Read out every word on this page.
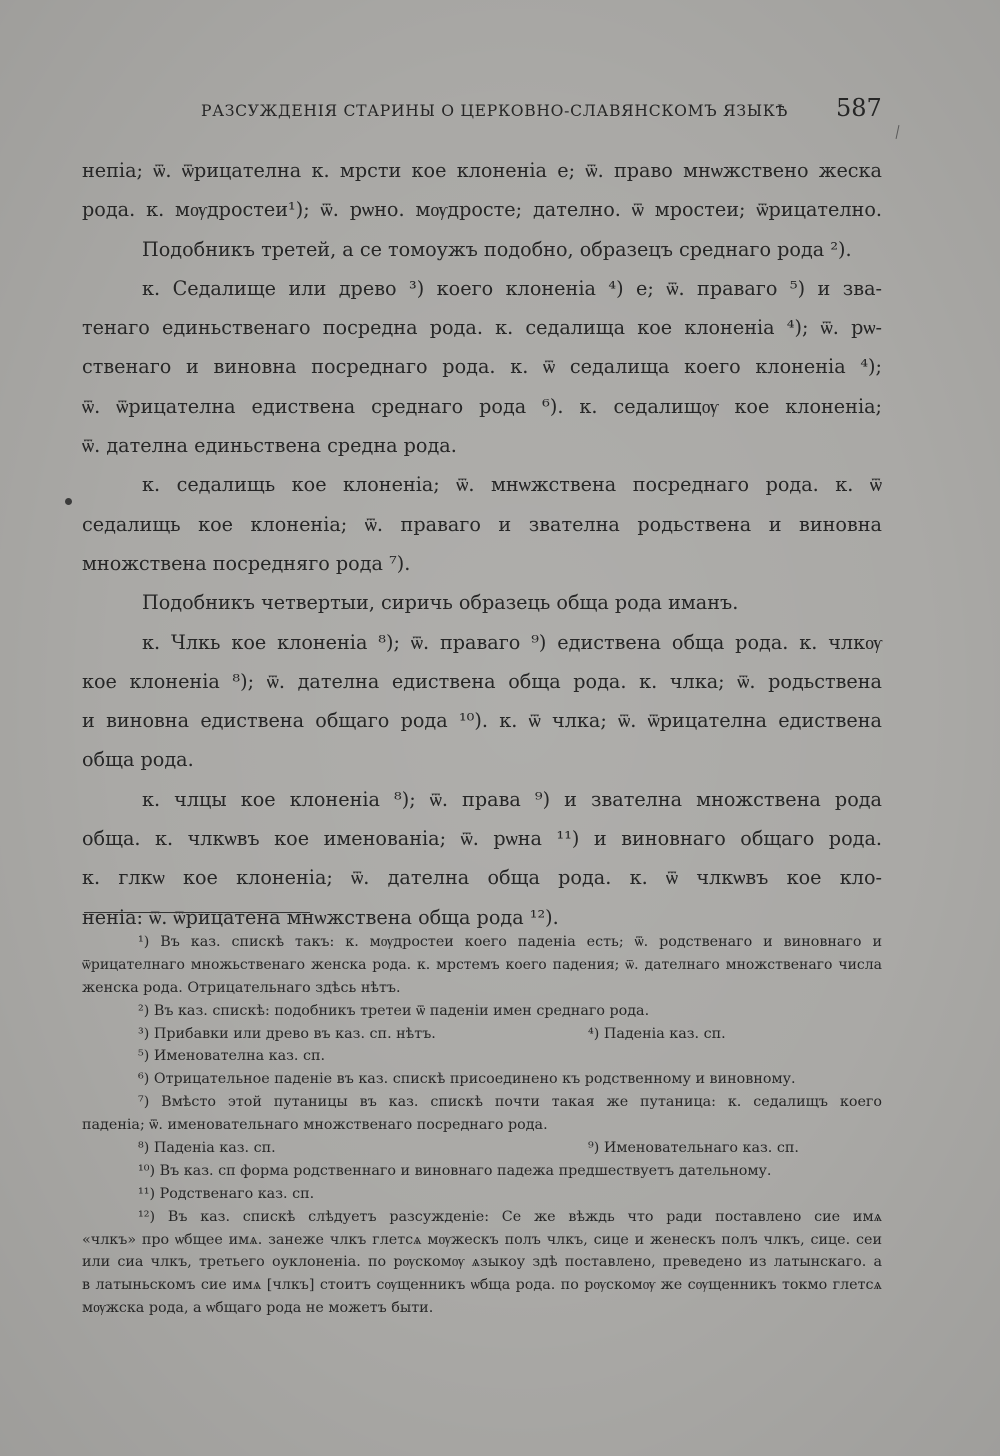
РАЗСУЖДЕНІЯ СТАРИНЫ О ЦЕРКОВНО-СЛАВЯНСКОМЪ ЯЗЫКѢ 587
непіа; ѿ. ѿрицателна к. мрсти кое клоненіа е; ѿ. право мнѡжствено жеска
рода. к. мѹдростеи¹); ѿ. рѡно. мѹдросте; дателно. ѿ мростеи; ѿрицателно.
Подобникъ третей, а се томоужъ подобно, образецъ среднаго рода ²).
к. Седалище или древо ³) коего клоненіа ⁴) е; ѿ. праваго ⁵) и зва-
тенаго единьственаго посредна рода. к. седалища кое клоненіа ⁴); ѿ. рѡ-
ственаго и виновна посреднаго рода. к. ѿ седалища коего клоненіа ⁴);
ѿ. ѿрицателна едиствена среднаго рода ⁶). к. седалищѹ кое клоненіа;
ѿ. дателна единьствена средна рода.
к. седалищь кое клоненіа; ѿ. мнѡжствена посреднаго рода. к. ѿ
седалищь кое клоненіа; ѿ. праваго и звателна родьствена и виновна
множствена посредняго рода ⁷).
Подобникъ четвертыи, сиричь образець обща рода иманъ.
к. Члкь кое клоненіа ⁸); ѿ. праваго ⁹) едиствена обща рода. к. члкѹ
кое клоненіа ⁸); ѿ. дателна едиствена обща рода. к. члка; ѿ. родьствена
и виновна едиствена общаго рода ¹⁰). к. ѿ члка; ѿ. ѿрицателна едиствена
обща рода.
к. члцы кое клоненіа ⁸); ѿ. права ⁹) и звателна множствена рода
обща. к. члкѡвъ кое именованіа; ѿ. рѡна ¹¹) и виновнаго общаго рода.
к. глкѡ кое клоненіа; ѿ. дателна обща рода. к. ѿ члкѡвъ кое кло-
неніа: ѿ. ѿрицатена мнѡжствена обща рода ¹²).
¹) Въ каз. спискѣ такъ: к. мѹдростеи коего паденіа есть; ѿ. родственаго и виновнаго и
ѿрицателнаго множьственаго женска рода. к. мрстемъ коего падения; ѿ. дателнаго множственаго числа
женска рода. Отрицательнаго здѣсь нѣтъ.
²) Въ каз. спискѣ: подобникъ третеи ѿ паденіи имен среднаго рода.
³) Прибавки или древо въ каз. сп. нѣтъ.	⁴) Паденіа каз. сп.
⁵) Именователна каз. сп.
⁶) Отрицательное паденіе въ каз. спискѣ присоединено къ родственному и виновному.
⁷) Вмѣсто этой путаницы въ каз. спискѣ почти такая же путаница: к. седалищъ коего
паденіа; ѿ. именовательнаго множственаго посреднаго рода.
⁸) Паденіа каз. сп.	⁹) Именовательнаго каз. сп.
¹⁰) Въ каз. сп форма родственнаго и виновнаго падежа предшествуетъ дательному.
¹¹) Родственаго каз. сп.
¹²) Въ каз. спискѣ слѣдуетъ разсужденіе: Се же вѣждь что ради поставлено сие имѧ
«члкъ» про ѡбщее имѧ. занеже члкъ глетсѧ мѹжескъ полъ члкъ, сице и женескъ полъ члкъ, сице. сеи
или сиа члкъ, третьего оуклоненіа. по рѹскомѹ ѧзыкоу здѣ поставлено, преведено из латынскаго. а
в латыньскомъ сие имѧ [члкъ] стоитъ сѹщенникъ ѡбща рода. по рѹскомѹ же сѹщенникъ токмо глетсѧ
мѹжска рода, а ѡбщаго рода не можетъ быти.
